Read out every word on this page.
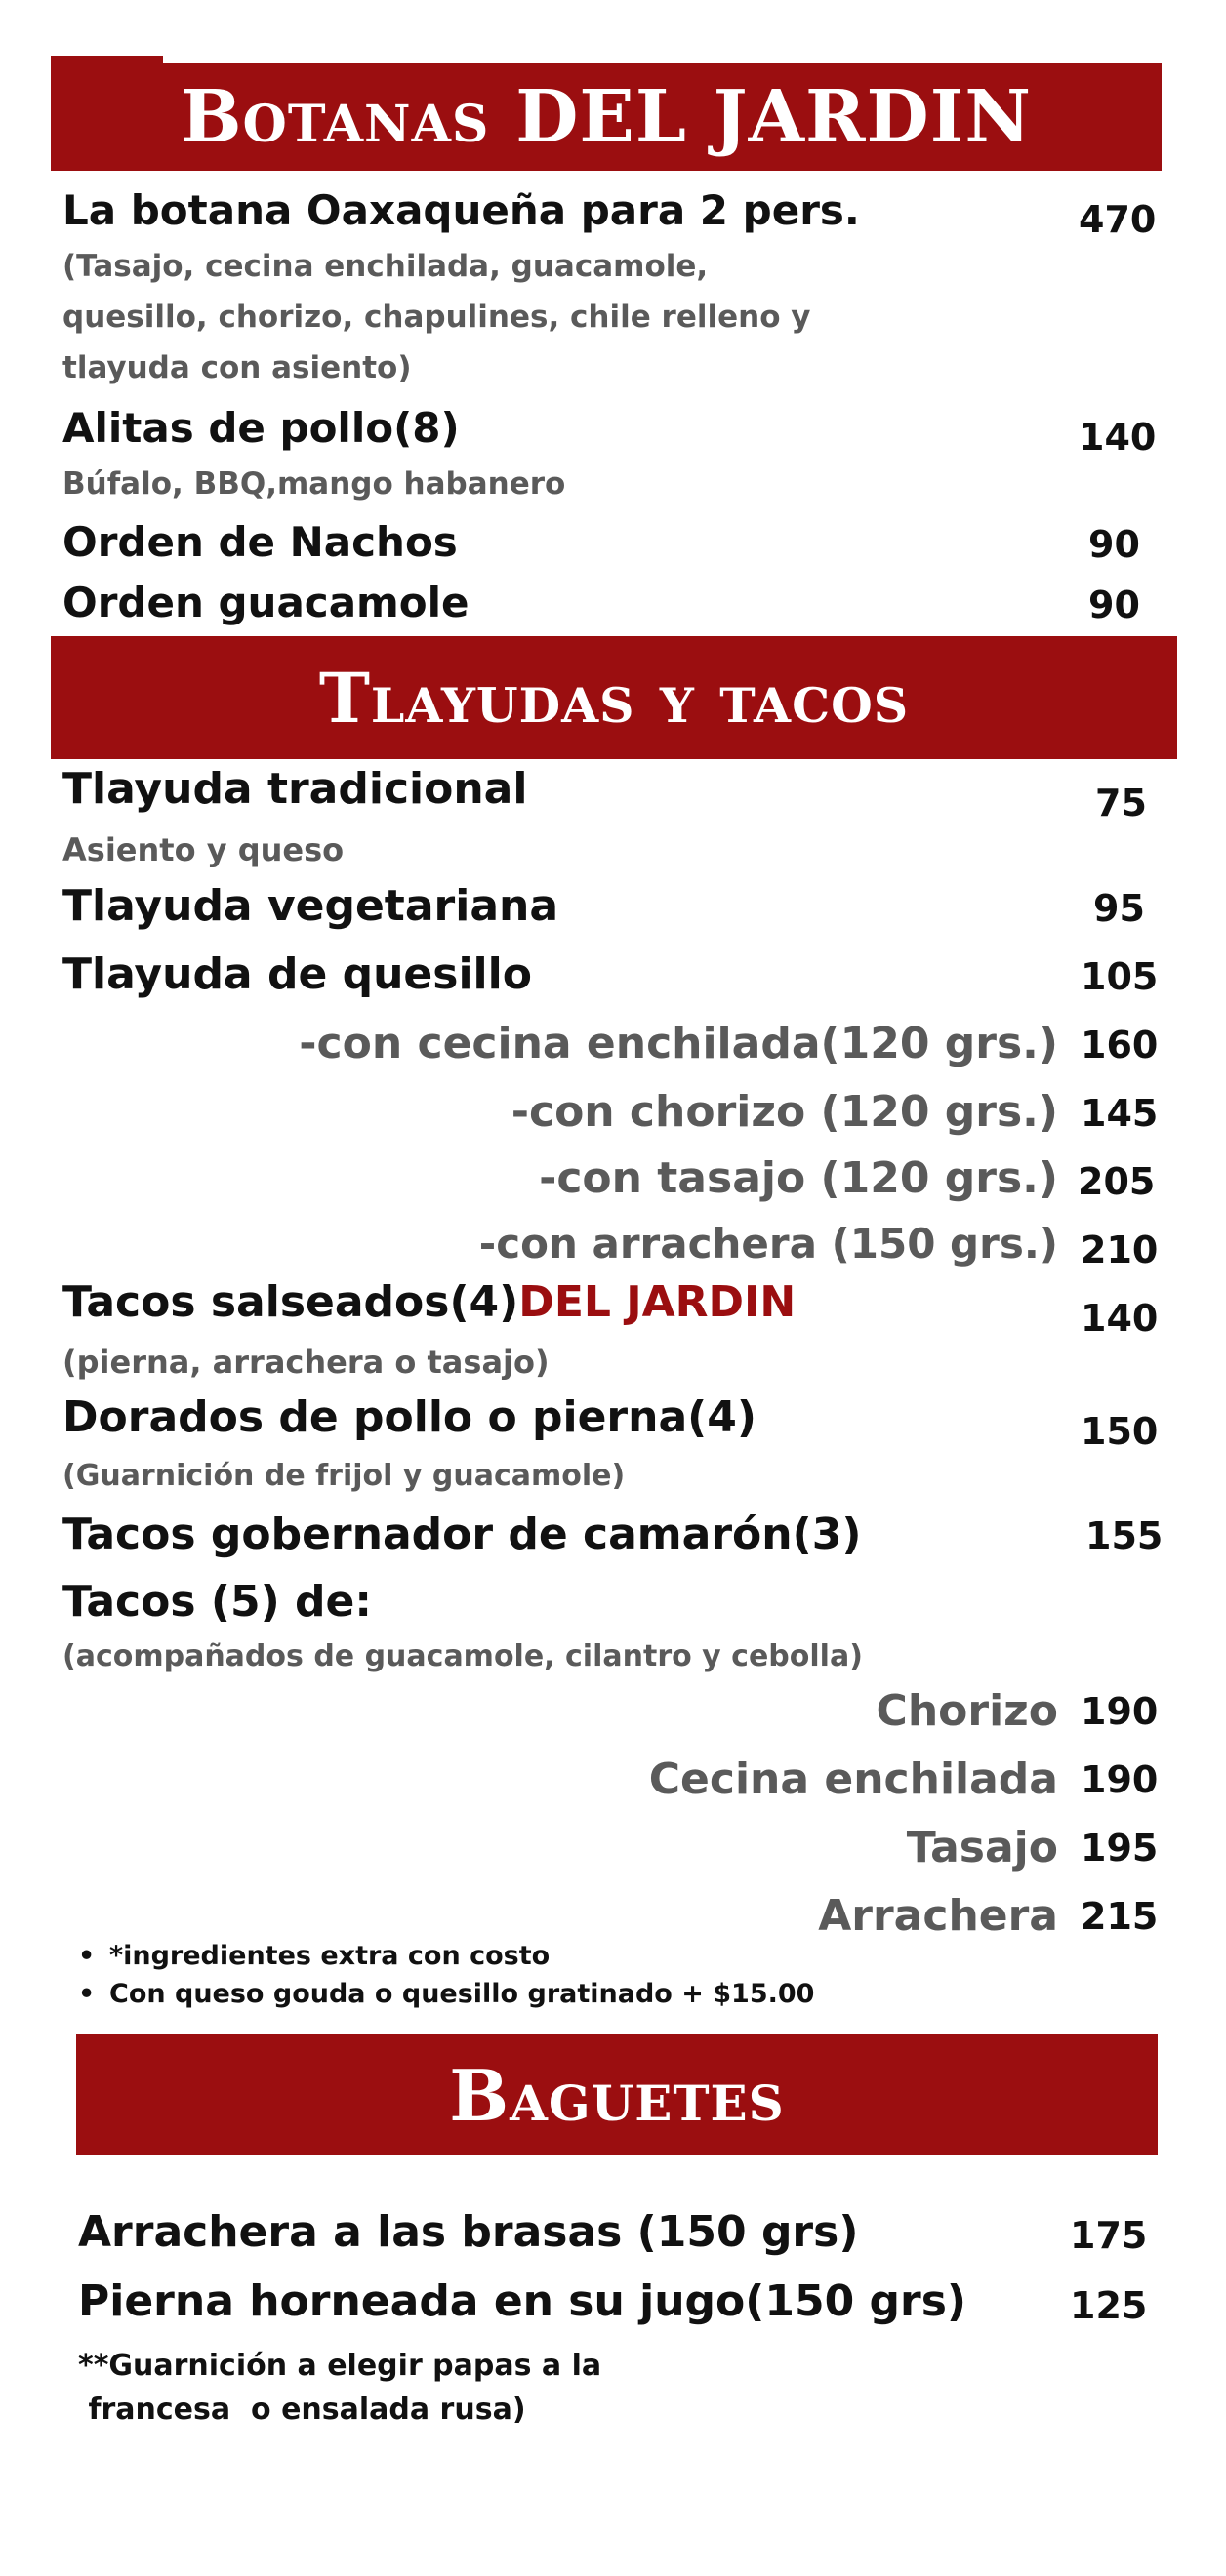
Botanas DEL JARDIN
La botana Oaxaqueña para 2 pers.	470
(Tasajo, cecina enchilada, guacamole,
quesillo, chorizo, chapulines, chile relleno y
tlayuda con asiento)
Alitas de pollo(8)	140
Búfalo, BBQ,mango habanero
Orden de Nachos	90
Orden guacamole	90
Tlayudas y tacos
Tlayuda tradicional	75
Asiento y queso
Tlayuda vegetariana	95
Tlayuda de quesillo	105
-con cecina enchilada(120 grs.) 160
-con chorizo (120 grs.) 145
-con tasajo (120 grs.) 205
-con arrachera (150 grs.) 210
Tacos salseados(4)DEL JARDIN	140
(pierna, arrachera o tasajo)
Dorados de pollo o pierna(4)	150
(Guarnición de frijol y guacamole)
Tacos gobernador de camarón(3)	155
Tacos (5) de:
(acompañados de guacamole, cilantro y cebolla)
Chorizo 190
Cecina enchilada 190
Tasajo 195
Arrachera 215
• *ingredientes extra con costo
• Con queso gouda o quesillo gratinado + $15.00
Baguetes
Arrachera a las brasas (150 grs)	175
Pierna horneada en su jugo(150 grs)	125
**Guarnición a elegir papas a la
francesa  o ensalada rusa)
